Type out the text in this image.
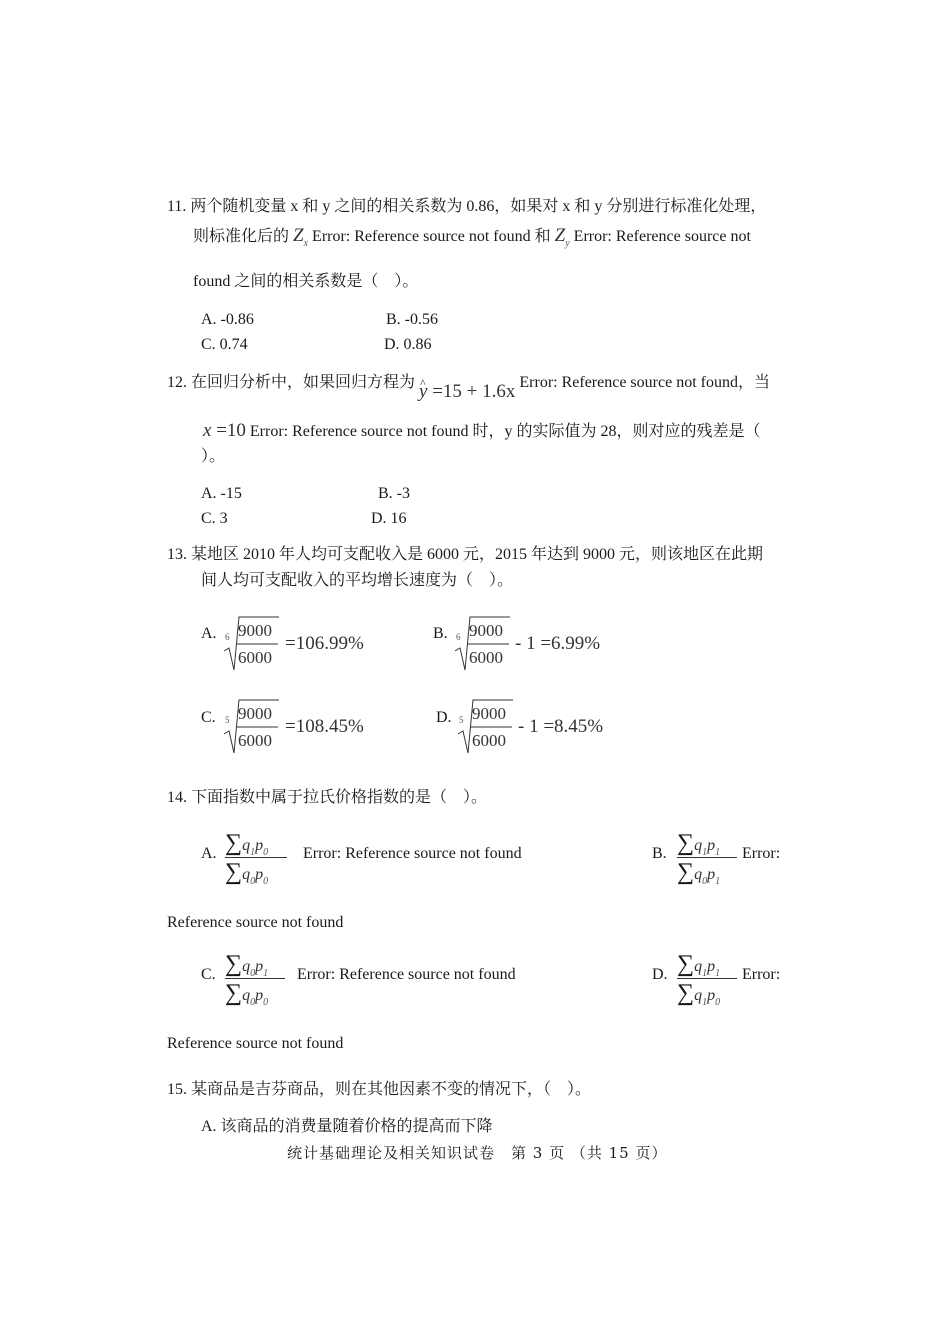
11. 两个随机变量 x 和 y 之间的相关系数为 0.86，如果对 x 和 y 分别进行标准化处理，
则标准化后的 $Z_x$ Error: Reference source not found 和 $Z_y$ Error: Reference source not
found 之间的相关系数是（　）。
A. -0.86	B. -0.56
C. 0.74	D. 0.86
12. 在回归分析中，如果回归方程为 ^ y =15 + 1.6x Error: Reference source not found，当
x =10 Error: Reference source not found 时，y 的实际值为 28，则对应的残差是（
）。
A. -15	B. -3
C. 3	D. 16
13. 某地区 2010 年人均可支配收入是 6000 元，2015 年达到 9000 元，则该地区在此期
间人均可支配收入的平均增长速度为（　）。
A. 6 9000
6000
=106.99%	B. 6 9000
6000
- 1 =6.99%
C. 5 9000
6000
=108.45%	D. 5 9000
6000
- 1 =8.45%
14. 下面指数中属于拉氏价格指数的是（　）。
A. $\frac{\sum q_1p_0}{\sum q_0p_0}$ Error: Reference source not found	B. $\frac{\sum q_1p_1}{\sum q_0p_1}$ Error:
Reference source not found
C. $\frac{\sum q_0p_1}{\sum q_0p_0}$ Error: Reference source not found	D. $\frac{\sum q_1p_1}{\sum q_1p_0}$ Error:
Reference source not found
15. 某商品是吉芬商品，则在其他因素不变的情况下，（　）。
A. 该商品的消费量随着价格的提高而下降
统计基础理论及相关知识试卷　第 3 页 （共 15 页）
